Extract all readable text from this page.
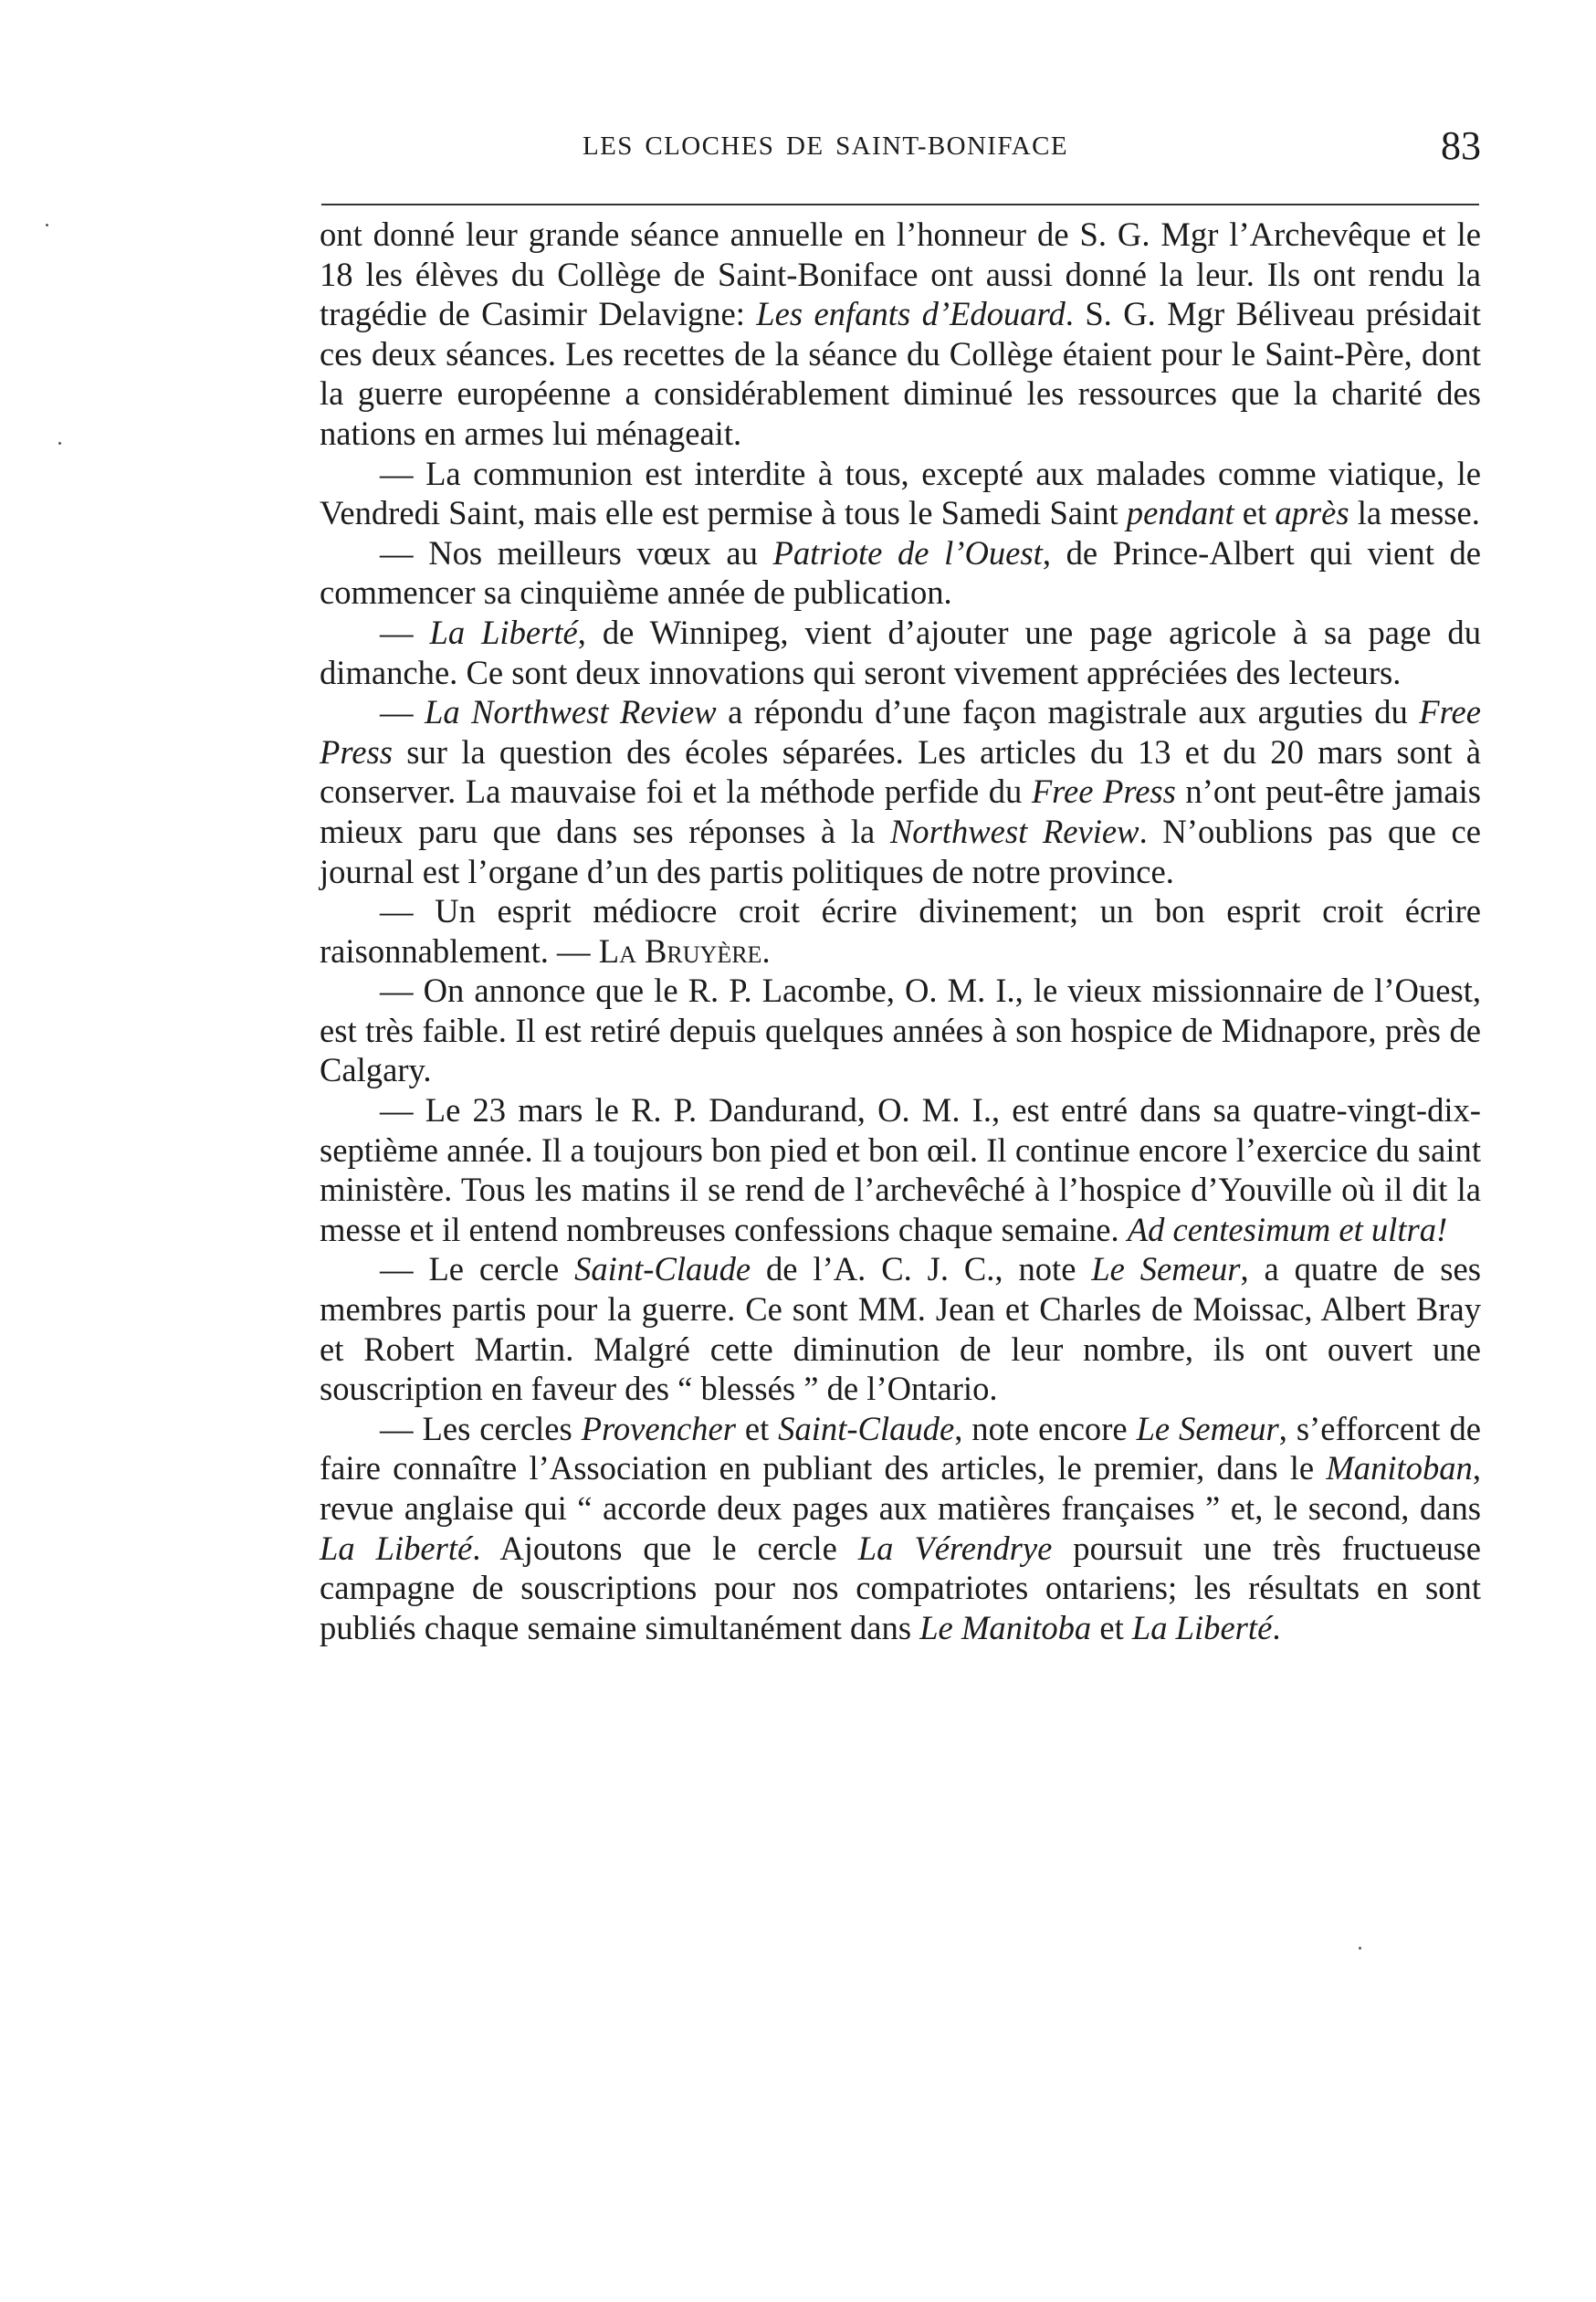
LES CLOCHES DE SAINT-BONIFACE	83

ont donné leur grande séance annuelle en l’honneur de S. G. Mgr l’Archevêque et le 18 les élèves du Collège de Saint-Boniface ont aussi donné la leur. Ils ont rendu la tragédie de Casimir Delavigne: Les enfants d’Edouard. S. G. Mgr Béliveau présidait ces deux séances. Les recettes de la séance du Collège étaient pour le Saint-Père, dont la guerre européenne a considérablement diminué les ressources que la charité des nations en armes lui ménageait.

— La communion est interdite à tous, excepté aux malades comme viatique, le Vendredi Saint, mais elle est permise à tous le Samedi Saint pendant et après la messe.

— Nos meilleurs vœux au Patriote de l’Ouest, de Prince-Albert qui vient de commencer sa cinquième année de publication.

— La Liberté, de Winnipeg, vient d’ajouter une page agricole à sa page du dimanche. Ce sont deux innovations qui seront vivement appréciées des lecteurs.

— La Northwest Review a répondu d’une façon magistrale aux arguties du Free Press sur la question des écoles séparées. Les articles du 13 et du 20 mars sont à conserver. La mauvaise foi et la méthode perfide du Free Press n’ont peut-être jamais mieux paru que dans ses réponses à la Northwest Review. N’oublions pas que ce journal est l’organe d’un des partis politiques de notre province.

— Un esprit médiocre croit écrire divinement; un bon esprit croit écrire raisonnablement. — La Bruyère.

— On annonce que le R. P. Lacombe, O. M. I., le vieux missionnaire de l’Ouest, est très faible. Il est retiré depuis quelques années à son hospice de Midnapore, près de Calgary.

— Le 23 mars le R. P. Dandurand, O. M. I., est entré dans sa quatre-vingt-dix-septième année. Il a toujours bon pied et bon œil. Il continue encore l’exercice du saint ministère. Tous les matins il se rend de l’archevêché à l’hospice d’Youville où il dit la messe et il entend nombreuses confessions chaque semaine. Ad centesimum et ultra!

— Le cercle Saint-Claude de l’A. C. J. C., note Le Semeur, a quatre de ses membres partis pour la guerre. Ce sont MM. Jean et Charles de Moissac, Albert Bray et Robert Martin. Malgré cette diminution de leur nombre, ils ont ouvert une souscription en faveur des “ blessés ” de l’Ontario.

— Les cercles Provencher et Saint-Claude, note encore Le Semeur, s’efforcent de faire connaître l’Association en publiant des articles, le premier, dans le Manitoban, revue anglaise qui “ accorde deux pages aux matières françaises ” et, le second, dans La Liberté. Ajoutons que le cercle La Vérendrye poursuit une très fructueuse campagne de souscriptions pour nos compatriotes ontariens; les résultats en sont publiés chaque semaine simultanément dans Le Manitoba et La Liberté.
